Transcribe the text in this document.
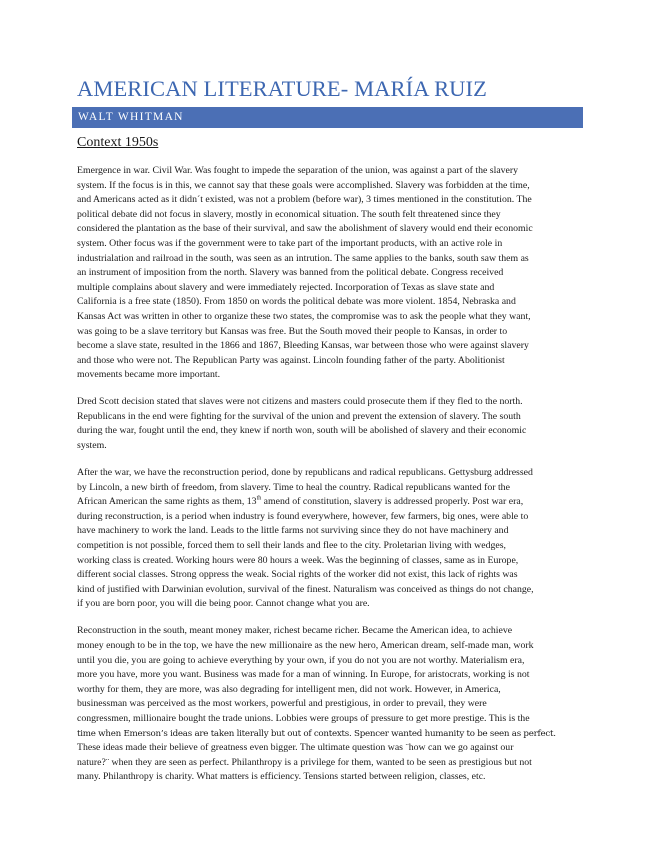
AMERICAN LITERATURE- MARÍA RUIZ
WALT WHITMAN
Context 1950s
Emergence in war. Civil War. Was fought to impede the separation of the union, was against a part of the slavery
system. If the focus is in this, we cannot say that these goals were accomplished. Slavery was forbidden at the time,
and Americans acted as it didn´t existed, was not a problem (before war), 3 times mentioned in the constitution. The
political debate did not focus in slavery, mostly in economical situation. The south felt threatened since they
considered the plantation as the base of their survival, and saw the abolishment of slavery would end their economic
system. Other focus was if the government were to take part of the important products, with an active role in
industrialation and railroad in the south, was seen as an intrution. The same applies to the banks, south saw them as
an instrument of imposition from the north. Slavery was banned from the political debate. Congress received
multiple complains about slavery and were immediately rejected. Incorporation of Texas as slave state and
California is a free state (1850). From 1850 on words the political debate was more violent. 1854, Nebraska and
Kansas Act was written in other to organize these two states, the compromise was to ask the people what they want,
was going to be a slave territory but Kansas was free. But the South moved their people to Kansas, in order to
become a slave state, resulted in the 1866 and 1867, Bleeding Kansas, war between those who were against slavery
and those who were not. The Republican Party was against. Lincoln founding father of the party. Abolitionist
movements became more important.
Dred Scott decision stated that slaves were not citizens and masters could prosecute them if they fled to the north.
Republicans in the end were fighting for the survival of the union and prevent the extension of slavery. The south
during the war, fought until the end, they knew if north won, south will be abolished of slavery and their economic
system.
After the war, we have the reconstruction period, done by republicans and radical republicans. Gettysburg addressed
by Lincoln, a new birth of freedom, from slavery. Time to heal the country. Radical republicans wanted for the
African American the same rights as them, 13th amend of constitution, slavery is addressed properly. Post war era,
during reconstruction, is a period when industry is found everywhere, however, few farmers, big ones, were able to
have machinery to work the land. Leads to the little farms not surviving since they do not have machinery and
competition is not possible, forced them to sell their lands and flee to the city. Proletarian living with wedges,
working class is created. Working hours were 80 hours a week. Was the beginning of classes, same as in Europe,
different social classes. Strong oppress the weak. Social rights of the worker did not exist, this lack of rights was
kind of justified with Darwinian evolution, survival of the finest. Naturalism was conceived as things do not change,
if you are born poor, you will die being poor. Cannot change what you are.
Reconstruction in the south, meant money maker, richest became richer. Became the American idea, to achieve
money enough to be in the top, we have the new millionaire as the new hero, American dream, self-made man, work
until you die, you are going to achieve everything by your own, if you do not you are not worthy. Materialism era,
more you have, more you want. Business was made for a man of winning. In Europe, for aristocrats, working is not
worthy for them, they are more, was also degrading for intelligent men, did not work. However, in America,
businessman was perceived as the most workers, powerful and prestigious, in order to prevail, they were
congressmen, millionaire bought the trade unions. Lobbies were groups of pressure to get more prestige. This is the
time when Emerson’s ideas are taken literally but out of contexts. Spencer wanted humanity to be seen as perfect.
These ideas made their believe of greatness even bigger. The ultimate question was ¨how can we go against our
nature?¨ when they are seen as perfect. Philanthropy is a privilege for them, wanted to be seen as prestigious but not
many. Philanthropy is charity. What matters is efficiency. Tensions started between religion, classes, etc.
